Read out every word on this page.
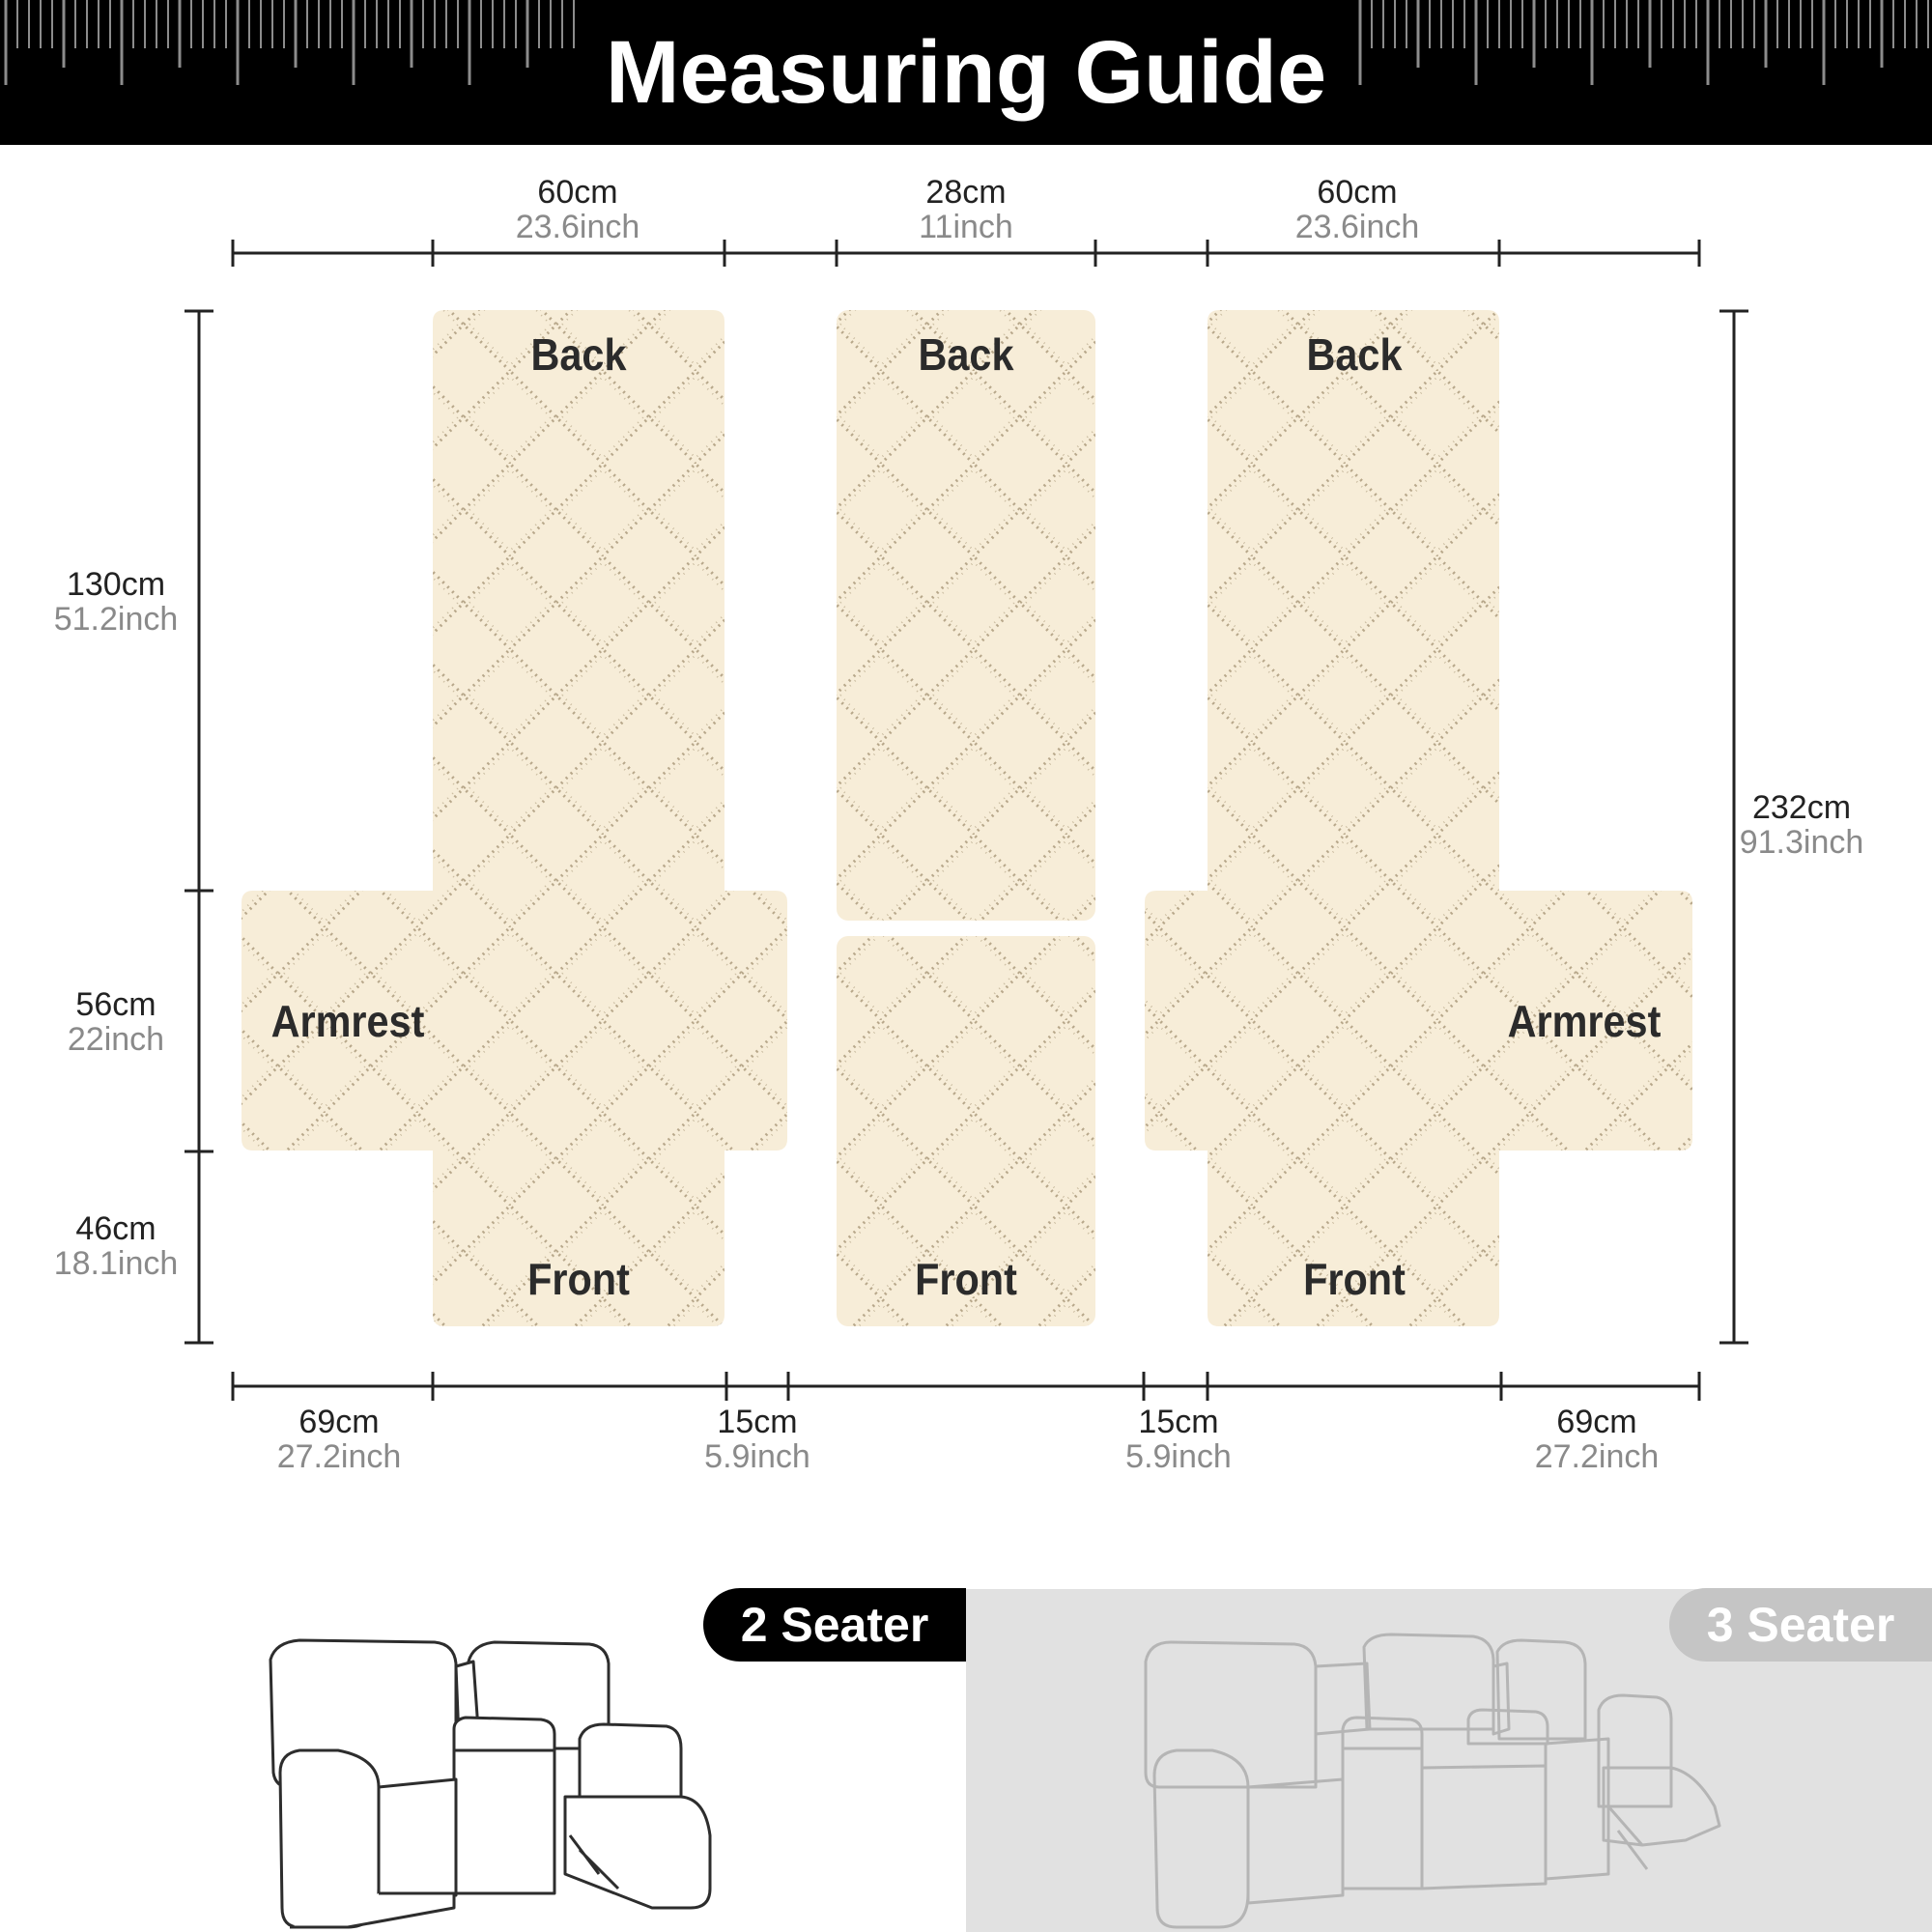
Measuring Guide
60cm
23.6inch
28cm
11inch
60cm
23.6inch
69cm
27.2inch
15cm
5.9inch
15cm
5.9inch
69cm
27.2inch
130cm
51.2inch
56cm
22inch
46cm
18.1inch
232cm
91.3inch
Back	Back	Back
Front	Front	Front
Armrest	Armrest
2 Seater	3 Seater
